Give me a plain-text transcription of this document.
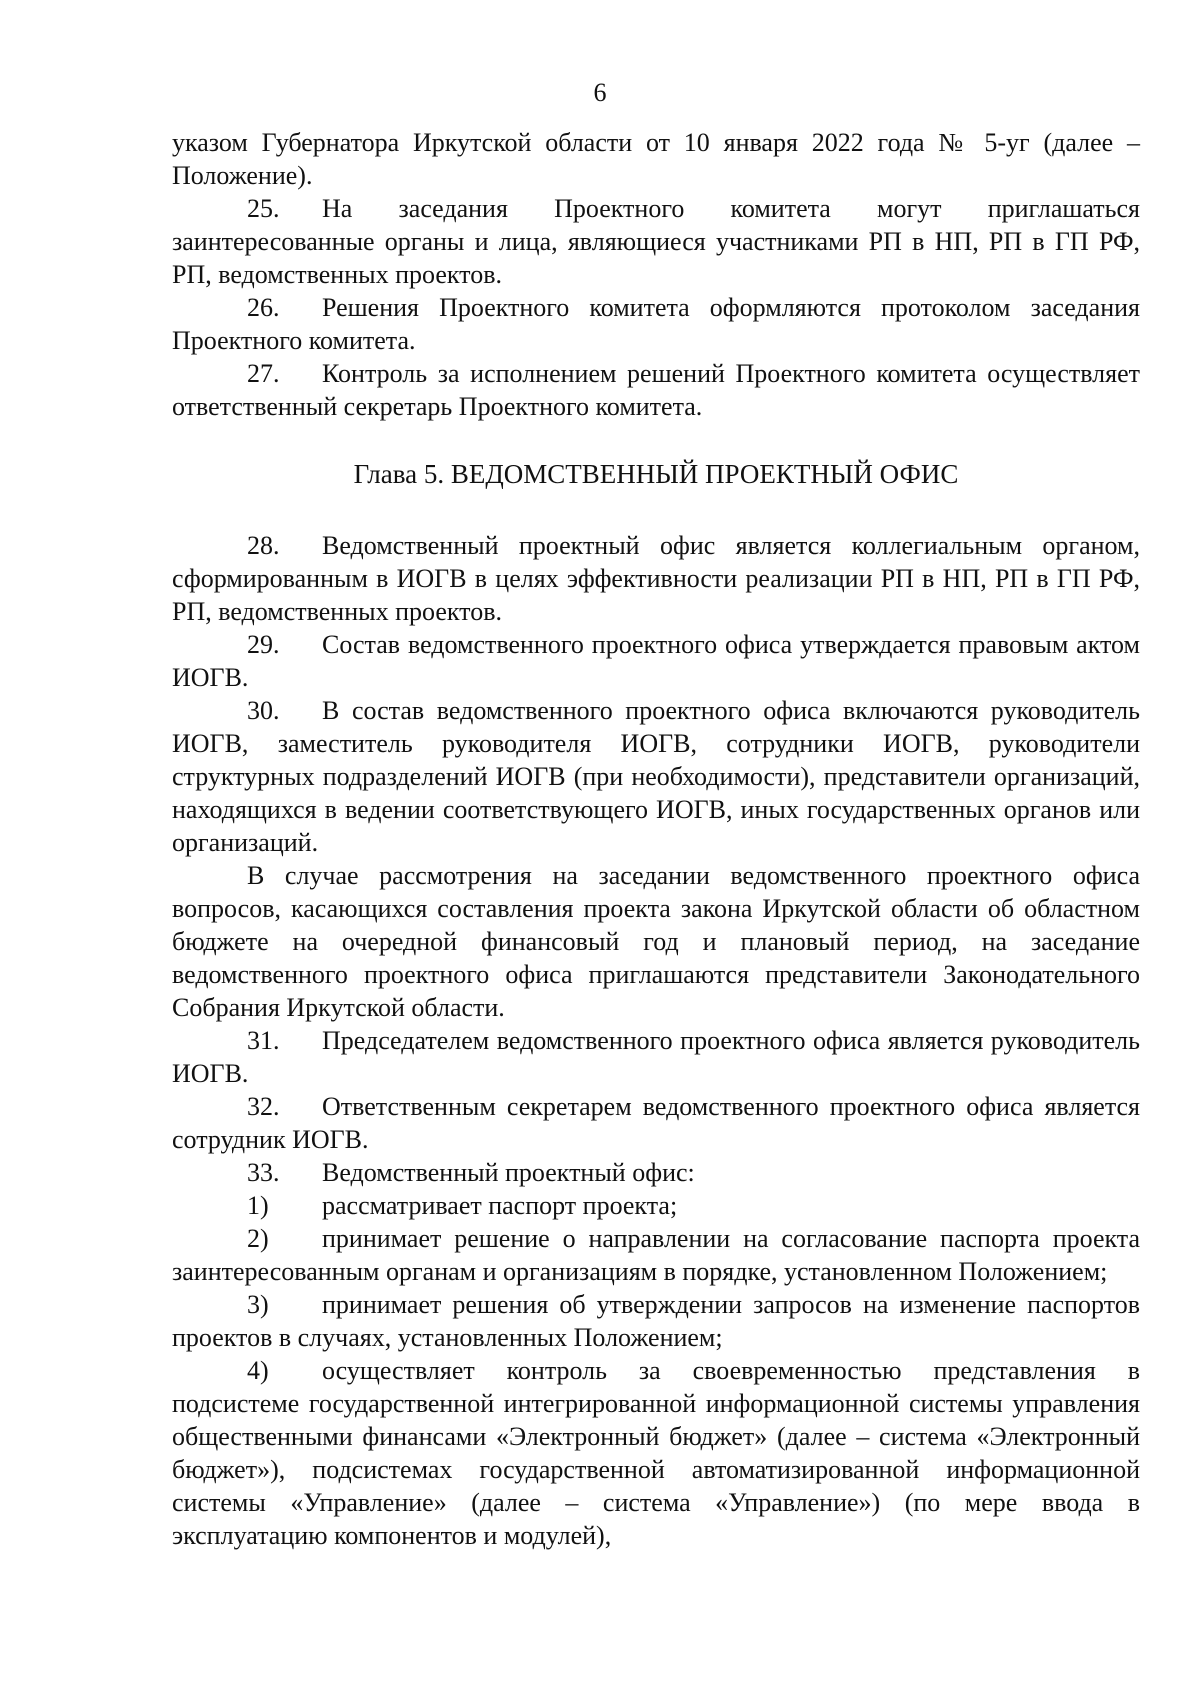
6

указом Губернатора Иркутской области от 10 января 2022 года № 5-уг (далее – Положение).

25. На заседания Проектного комитета могут приглашаться заинтересованные органы и лица, являющиеся участниками РП в НП, РП в ГП РФ, РП, ведомственных проектов.

26. Решения Проектного комитета оформляются протоколом заседания Проектного комитета.

27. Контроль за исполнением решений Проектного комитета осуществляет ответственный секретарь Проектного комитета.

Глава 5. ВЕДОМСТВЕННЫЙ ПРОЕКТНЫЙ ОФИС

28. Ведомственный проектный офис является коллегиальным органом, сформированным в ИОГВ в целях эффективности реализации РП в НП, РП в ГП РФ, РП, ведомственных проектов.

29. Состав ведомственного проектного офиса утверждается правовым актом ИОГВ.

30. В состав ведомственного проектного офиса включаются руководитель ИОГВ, заместитель руководителя ИОГВ, сотрудники ИОГВ, руководители структурных подразделений ИОГВ (при необходимости), представители организаций, находящихся в ведении соответствующего ИОГВ, иных государственных органов или организаций.

В случае рассмотрения на заседании ведомственного проектного офиса вопросов, касающихся составления проекта закона Иркутской области об областном бюджете на очередной финансовый год и плановый период, на заседание ведомственного проектного офиса приглашаются представители Законодательного Собрания Иркутской области.

31. Председателем ведомственного проектного офиса является руководитель ИОГВ.

32. Ответственным секретарем ведомственного проектного офиса является сотрудник ИОГВ.

33. Ведомственный проектный офис:

1) рассматривает паспорт проекта;

2) принимает решение о направлении на согласование паспорта проекта заинтересованным органам и организациям в порядке, установленном Положением;

3) принимает решения об утверждении запросов на изменение паспортов проектов в случаях, установленных Положением;

4) осуществляет контроль за своевременностью представления в подсистеме государственной интегрированной информационной системы управления общественными финансами «Электронный бюджет» (далее – система «Электронный бюджет»), подсистемах государственной автоматизированной информационной системы «Управление» (далее – система «Управление») (по мере ввода в эксплуатацию компонентов и модулей),
